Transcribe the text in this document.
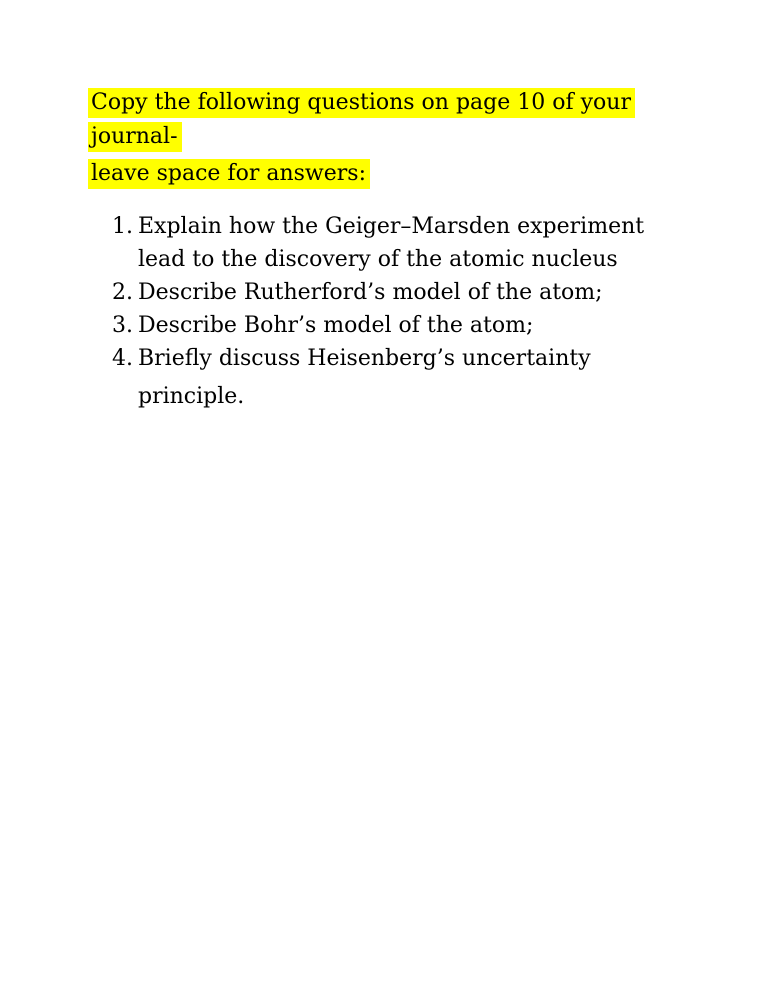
Copy the following questions on page 10 of your journal-
leave space for answers:
1. Explain how the Geiger–Marsden experiment
lead to the discovery of the atomic nucleus
2. Describe Rutherford’s model of the atom;
3. Describe Bohr’s model of the atom;
4. Briefly discuss Heisenberg’s uncertainty
principle.
